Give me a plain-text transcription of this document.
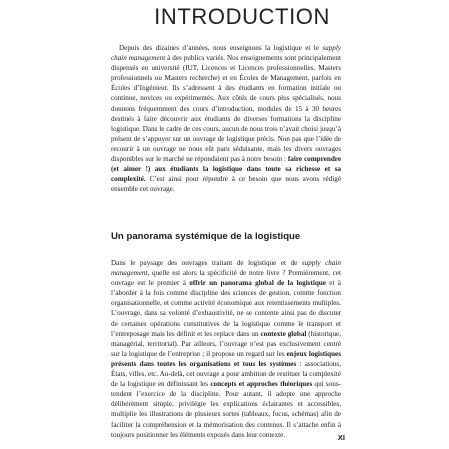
INTRODUCTION

Depuis des dizaines d’années, nous enseignons la logistique et le supply chain management à des publics variés. Nos enseignements sont principalement dispensés en université (IUT, Licences et Licences professionnelles, Masters professionnels ou Masters recherche) et en Écoles de Management, parfois en Écoles d’Ingénieur. Ils s’adressent à des étudiants en formation initiale ou continue, novices ou expérimentés. Aux côtés de cours plus spécialisés, nous donnons fréquemment des cours d’introduction, modules de 15 à 30 heures destinés à faire découvrir aux étudiants de diverses formations la discipline logistique. Dans le cadre de ces cours, aucun de nous trois n’avait choisi jusqu’à présent de s’appuyer sur un ouvrage de logistique précis. Non pas que l’idée de recourir à un ouvrage ne nous eût paru séduisante, mais les divers ouvrages disponibles sur le marché ne répondaient pas à notre besoin : faire comprendre (et aimer !) aux étudiants la logistique dans toute sa richesse et sa complexité. C’est ainsi pour répondre à ce besoin que nous avons rédigé ensemble cet ouvrage.

Un panorama systémique de la logistique

Dans le paysage des ouvrages traitant de logistique et de supply chain management, quelle est alors la spécificité de notre livre ? Premièrement, cet ouvrage est le premier à offrir un panorama global de la logistique et à l’aborder à la fois comme discipline des sciences de gestion, comme fonction organisationnelle, et comme activité économique aux retentissements multiples. L’ouvrage, dans sa volonté d’exhaustivité, ne se contente ainsi pas de discuter de certaines opérations constitutives de la logistique comme le transport et l’entreposage mais les définit et les replace dans un contexte global (historique, managérial, territorial). Par ailleurs, l’ouvrage n’est pas exclusivement centré sur la logistique de l’entreprise ; il propose un regard sur les enjeux logistiques présents dans toutes les organisations et tous les systèmes : associations, États, villes, etc. Au-delà, cet ouvrage a pour ambition de restituer la complexité de la logistique en définissant les concepts et approches théoriques qui sous-tendent l’exercice de la discipline. Pour autant, il adopte une approche délibérément simple, privilégie les explications éclairantes et accessibles, multiplie les illustrations de plusieurs sortes (tableaux, focus, schémas) afin de faciliter la compréhension et la mémorisation des contenus. Il s’attache enfin à toujours positionner les éléments exposés dans leur contexte.	XI
